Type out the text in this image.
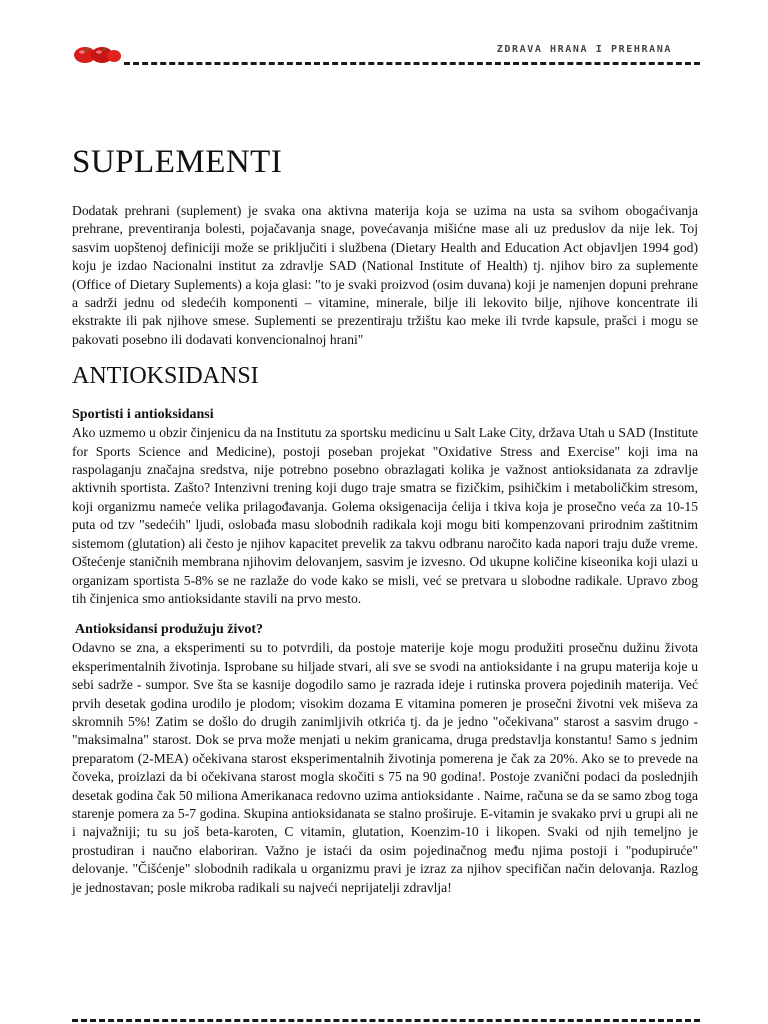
ZDRAVA HRANA I PREHRANA
SUPLEMENTI

Dodatak prehrani (suplement) je svaka ona aktivna materija koja se uzima na usta sa svihom obogaćivanja prehrane, preventiranja bolesti, pojačavanja snage, povećavanja mišićne mase ali uz preduslov da nije lek. Toj sasvim uopštenoj definiciji može se priključiti i službena (Dietary Health and Education Act objavljen 1994 god) koju je izdao Nacionalni institut za zdravlje SAD (National Institute of Health) tj. njihov biro za suplemente (Office of Dietary Suplements) a koja glasi: "to je svaki proizvod (osim duvana) koji je namenjen dopuni prehrane a sadrži jednu od sledećih komponenti – vitamine, minerale, bilje ili lekovito bilje, njihove koncentrate ili ekstrakte ili pak njihove smese. Suplementi se prezentiraju tržištu kao meke ili tvrde kapsule, prašci i mogu se pakovati posebno ili dodavati konvencionalnoj hrani"

ANTIOKSIDANSI
Sportisti i antioksidansi

Ako uzmemo u obzir činjenicu da na Institutu za sportsku medicinu u Salt Lake City, država Utah u SAD (Institute for Sports Science and Medicine), postoji poseban projekat "Oxidative Stress and Exercise" koji ima na raspolaganju značajna sredstva, nije potrebno posebno obrazlagati kolika je važnost antioksidanata za zdravlje aktivnih sportista. Zašto? Intenzivni trening koji dugo traje smatra se fizičkim, psihičkim i metaboličkim stresom, koji organizmu nameće velika prilagođavanja. Golema oksigenacija ćelija i tkiva koja je prosečno veća za 10-15 puta od tzv "sedećih" ljudi, oslobađa masu slobodnih radikala koji mogu biti kompenzovani prirodnim zaštitnim sistemom (glutation) ali često je njihov kapacitet prevelik za takvu odbranu naročito kada napori traju duže vreme. Oštećenje staničnih membrana njihovim delovanjem, sasvim je izvesno. Od ukupne količine kiseonika koji ulazi u organizam sportista 5-8% se ne razlaže do vode kako se misli, već se pretvara u slobodne radikale. Upravo zbog tih činjenica smo antioksidante stavili na prvo mesto.

Antioksidansi produžuju život?

Odavno se zna, a eksperimenti su to potvrdili, da postoje materije koje mogu produžiti prosečnu dužinu života eksperimentalnih životinja. Isprobane su hiljade stvari, ali sve se svodi na antioksidante i na grupu materija koje u sebi sadrže - sumpor. Sve šta se kasnije dogodilo samo je razrada ideje i rutinska provera pojedinih materija. Već prvih desetak godina urodilo je plodom; visokim dozama E vitamina pomeren je prosečni životni vek miševa za skromnih 5%! Zatim se došlo do drugih zanimljivih otkrića tj. da je jedno "očekivana" starost a sasvim drugo - "maksimalna" starost. Dok se prva može menjati u nekim granicama, druga predstavlja konstantu! Samo s jednim preparatom (2-MEA) očekivana starost eksperimentalnih životinja pomerena je čak za 20%. Ako se to prevede na čoveka, proizlazi da bi očekivana starost mogla skočiti s 75 na 90 godina!. Postoje zvanični podaci da poslednjih desetak godina čak 50 miliona Amerikanaca redovno uzima antioksidante . Naime, računa se da se samo zbog toga starenje pomera za 5-7 godina. Skupina antioksidanata se stalno proširuje. E-vitamin je svakako prvi u grupi ali ne i najvažniji; tu su još beta-karoten, C vitamin, glutation, Koenzim-10 i likopen. Svaki od njih temeljno je prostudiran i naučno elaboriran. Važno je istaći da osim pojedinačnog među njima postoji i "podupiruće" delovanje. "Čišćenje" slobodnih radikala u organizmu pravi je izraz za njihov specifičan način delovanja. Razlog je jednostavan; posle mikroba radikali su najveći neprijatelji zdravlja!
